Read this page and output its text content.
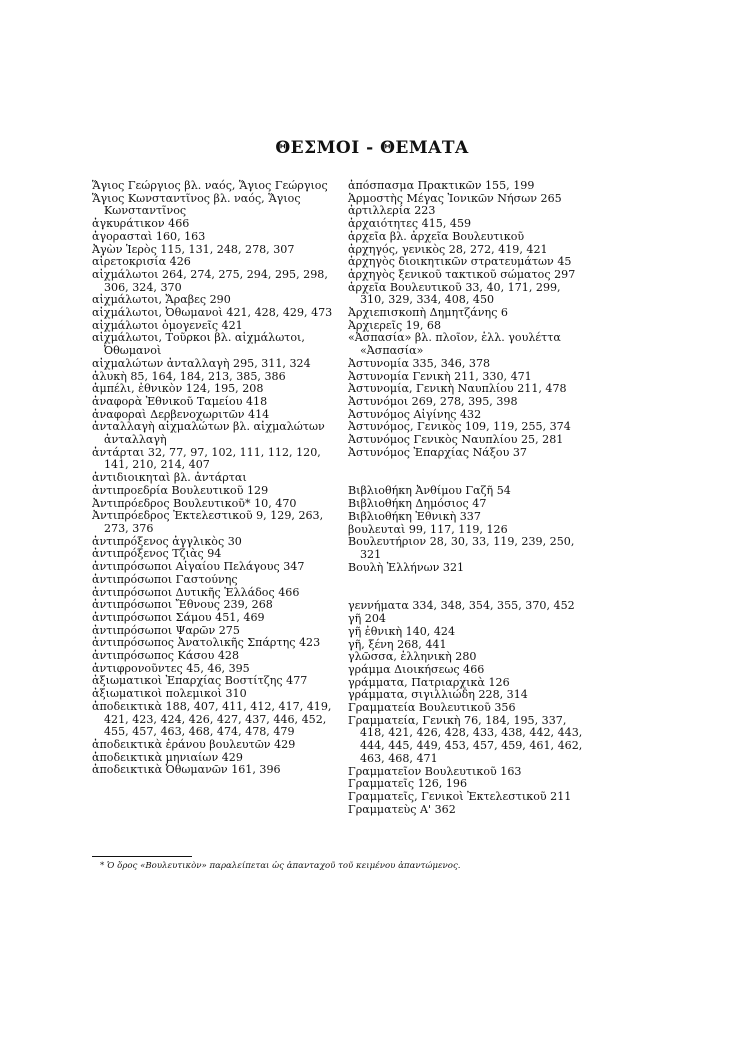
ΘΕΣΜΟΙ - ΘΕΜΑΤΑ
Ἅγιος Γεώργιος βλ. ναός, Ἅγιος Γεώργιος
Ἅγιος Κωνσταντῖνος βλ. ναός, Ἅγιος Κωνσταντῖνος
ἀγκυράτικον 466
ἀγορασταὶ 160, 163
Ἀγὼν Ἱερὸς 115, 131, 248, 278, 307
αἱρετοκρισία 426
αἰχμάλωτοι 264, 274, 275, 294, 295, 298, 306, 324, 370
αἰχμάλωτοι, Ἄραβες 290
αἰχμάλωτοι, Ὀθωμανοὶ 421, 428, 429, 473
αἰχμάλωτοι ὁμογενεῖς 421
αἰχμάλωτοι, Τοῦρκοι βλ. αἰχμάλωτοι, Ὀθωμανοὶ
αἰχμαλώτων ἀνταλλαγὴ 295, 311, 324
ἀλυκὴ 85, 164, 184, 213, 385, 386
ἀμπέλι, ἐθνικὸν 124, 195, 208
ἀναφορὰ Ἐθνικοῦ Ταμείου 418
ἀναφοραὶ Δερβενοχωριτῶν 414
ἀνταλλαγὴ αἰχμαλώτων βλ. αἰχμαλώτων ἀνταλλαγὴ
ἀντάρται 32, 77, 97, 102, 111, 112, 120, 141, 210, 214, 407
ἀντιδιοικηταὶ βλ. ἀντάρται
ἀντιπροεδρία Βουλευτικοῦ 129
Ἀντιπρόεδρος Βουλευτικοῦ* 10, 470
Ἀντιπρόεδρος Ἐκτελεστικοῦ 9, 129, 263, 273, 376
ἀντιπρόξενος ἀγγλικὸς 30
ἀντιπρόξενος Τζιὰς 94
ἀντιπρόσωποι Αἰγαίου Πελάγους 347
ἀντιπρόσωποι Γαστούνης
ἀντιπρόσωποι Δυτικῆς Ἑλλάδος 466
ἀντιπρόσωποι Ἔθνους 239, 268
ἀντιπρόσωποι Σάμου 451, 469
ἀντιπρόσωποι Ψαρῶν 275
ἀντιπρόσωπος Ἀνατολικῆς Σπάρτης 423
ἀντιπρόσωπος Κάσου 428
ἀντιφρονοῦντες 45, 46, 395
ἀξιωματικοὶ Ἐπαρχίας Βοστίτζης 477
ἀξιωματικοὶ πολεμικοὶ 310
ἀποδεικτικὰ 188, 407, 411, 412, 417, 419, 421, 423, 424, 426, 427, 437, 446, 452, 455, 457, 463, 468, 474, 478, 479
ἀποδεικτικὰ ἐράνου βουλευτῶν 429
ἀποδεικτικὰ μηνιαίων 429
ἀποδεικτικὰ Ὀθωμανῶν 161, 396
ἀπόσπασμα Πρακτικῶν 155, 199
Ἁρμοστὴς Μέγας Ἰονικῶν Νήσων 265
ἀρτιλλερία 223
ἀρχαιότητες 415, 459
ἀρχεῖα βλ. ἀρχεῖα Βουλευτικοῦ
ἀρχηγός, γενικὸς 28, 272, 419, 421
ἀρχηγὸς διοικητικῶν στρατευμάτων 45
ἀρχηγὸς ξενικοῦ τακτικοῦ σώματος 297
ἀρχεῖα Βουλευτικοῦ 33, 40, 171, 299, 310, 329, 334, 408, 450
Ἀρχιεπισκοπὴ Δημητζάνης 6
Ἀρχιερεῖς 19, 68
«Ἀσπασία» βλ. πλοῖον, ἑλλ. γουλέττα «Ἀσπασία»
Ἀστυνομία 335, 346, 378
Ἀστυνομία Γενικὴ 211, 330, 471
Ἀστυνομία, Γενικὴ Ναυπλίου 211, 478
Ἀστυνόμοι 269, 278, 395, 398
Ἀστυνόμος Αἰγίνης 432
Ἀστυνόμος, Γενικὸς 109, 119, 255, 374
Ἀστυνόμος Γενικὸς Ναυπλίου 25, 281
Ἀστυνόμος Ἐπαρχίας Νάξου 37
Βιβλιοθήκη Ἀνθίμου Γαζῆ 54
Βιβλιοθήκη Δημόσιος 47
Βιβλιοθήκη Ἐθνικὴ 337
βουλευταὶ 99, 117, 119, 126
Βουλευτήριον 28, 30, 33, 119, 239, 250, 321
Βουλὴ Ἑλλήνων 321
γεννήματα 334, 348, 354, 355, 370, 452
γῆ 204
γῆ ἐθνικὴ 140, 424
γῆ, ξένη 268, 441
γλῶσσα, ἑλληνικὴ 280
γράμμα Διοικήσεως 466
γράμματα, Πατριαρχικὰ 126
γράμματα, σιγιλλιώδη 228, 314
Γραμματεία Βουλευτικοῦ 356
Γραμματεία, Γενικὴ 76, 184, 195, 337, 418, 421, 426, 428, 433, 438, 442, 443, 444, 445, 449, 453, 457, 459, 461, 462, 463, 468, 471
Γραμματεῖον Βουλευτικοῦ 163
Γραμματεῖς 126, 196
Γραμματεῖς, Γενικοὶ Ἐκτελεστικοῦ 211
Γραμματεὺς Α' 362
* Ὁ ὅρος «Βουλευτικὸν» παραλείπεται ὡς ἀπανταχοῦ τοῦ κειμένου ἀπαντώμενος.
